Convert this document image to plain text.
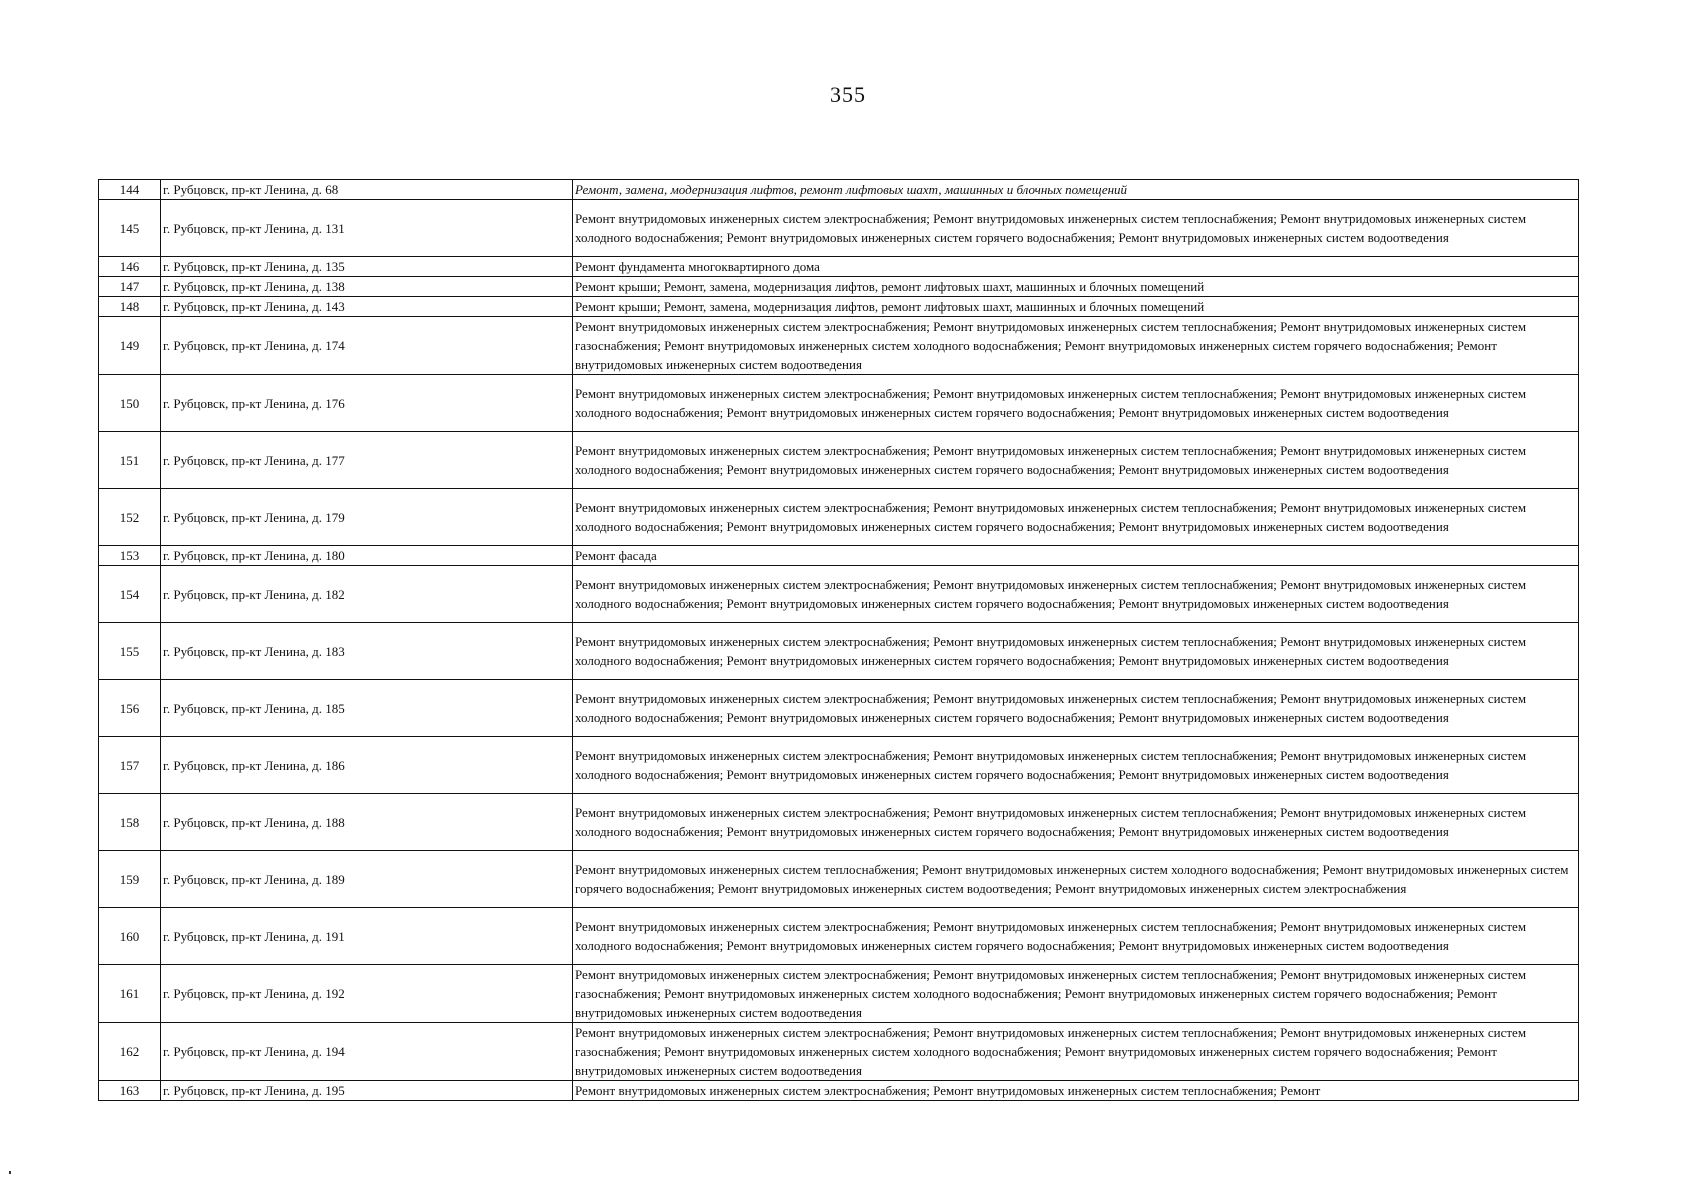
355
144	г. Рубцовск, пр-кт Ленина, д. 68	Ремонт, замена, модернизация лифтов, ремонт лифтовых шахт, машинных и блочных помещений
145	г. Рубцовск, пр-кт Ленина, д. 131	Ремонт внутридомовых инженерных систем электроснабжения; Ремонт внутридомовых инженерных систем теплоснабжения; Ремонт внутридомовых инженерных систем холодного водоснабжения; Ремонт внутридомовых инженерных систем горячего водоснабжения; Ремонт внутридомовых инженерных систем водоотведения
146	г. Рубцовск, пр-кт Ленина, д. 135	Ремонт фундамента многоквартирного дома
147	г. Рубцовск, пр-кт Ленина, д. 138	Ремонт крыши; Ремонт, замена, модернизация лифтов, ремонт лифтовых шахт, машинных и блочных помещений
148	г. Рубцовск, пр-кт Ленина, д. 143	Ремонт крыши; Ремонт, замена, модернизация лифтов, ремонт лифтовых шахт, машинных и блочных помещений
149	г. Рубцовск, пр-кт Ленина, д. 174	Ремонт внутридомовых инженерных систем электроснабжения; Ремонт внутридомовых инженерных систем теплоснабжения; Ремонт внутридомовых инженерных систем газоснабжения; Ремонт внутридомовых инженерных систем холодного водоснабжения; Ремонт внутридомовых инженерных систем горячего водоснабжения; Ремонт внутридомовых инженерных систем водоотведения
150	г. Рубцовск, пр-кт Ленина, д. 176	Ремонт внутридомовых инженерных систем электроснабжения; Ремонт внутридомовых инженерных систем теплоснабжения; Ремонт внутридомовых инженерных систем холодного водоснабжения; Ремонт внутридомовых инженерных систем горячего водоснабжения; Ремонт внутридомовых инженерных систем водоотведения
151	г. Рубцовск, пр-кт Ленина, д. 177	Ремонт внутридомовых инженерных систем электроснабжения; Ремонт внутридомовых инженерных систем теплоснабжения; Ремонт внутридомовых инженерных систем холодного водоснабжения; Ремонт внутридомовых инженерных систем горячего водоснабжения; Ремонт внутридомовых инженерных систем водоотведения
152	г. Рубцовск, пр-кт Ленина, д. 179	Ремонт внутридомовых инженерных систем электроснабжения; Ремонт внутридомовых инженерных систем теплоснабжения; Ремонт внутридомовых инженерных систем холодного водоснабжения; Ремонт внутридомовых инженерных систем горячего водоснабжения; Ремонт внутридомовых инженерных систем водоотведения
153	г. Рубцовск, пр-кт Ленина, д. 180	Ремонт фасада
154	г. Рубцовск, пр-кт Ленина, д. 182	Ремонт внутридомовых инженерных систем электроснабжения; Ремонт внутридомовых инженерных систем теплоснабжения; Ремонт внутридомовых инженерных систем холодного водоснабжения; Ремонт внутридомовых инженерных систем горячего водоснабжения; Ремонт внутридомовых инженерных систем водоотведения
155	г. Рубцовск, пр-кт Ленина, д. 183	Ремонт внутридомовых инженерных систем электроснабжения; Ремонт внутридомовых инженерных систем теплоснабжения; Ремонт внутридомовых инженерных систем холодного водоснабжения; Ремонт внутридомовых инженерных систем горячего водоснабжения; Ремонт внутридомовых инженерных систем водоотведения
156	г. Рубцовск, пр-кт Ленина, д. 185	Ремонт внутридомовых инженерных систем электроснабжения; Ремонт внутридомовых инженерных систем теплоснабжения; Ремонт внутридомовых инженерных систем холодного водоснабжения; Ремонт внутридомовых инженерных систем горячего водоснабжения; Ремонт внутридомовых инженерных систем водоотведения
157	г. Рубцовск, пр-кт Ленина, д. 186	Ремонт внутридомовых инженерных систем электроснабжения; Ремонт внутридомовых инженерных систем теплоснабжения; Ремонт внутридомовых инженерных систем холодного водоснабжения; Ремонт внутридомовых инженерных систем горячего водоснабжения; Ремонт внутридомовых инженерных систем водоотведения
158	г. Рубцовск, пр-кт Ленина, д. 188	Ремонт внутридомовых инженерных систем электроснабжения; Ремонт внутридомовых инженерных систем теплоснабжения; Ремонт внутридомовых инженерных систем холодного водоснабжения; Ремонт внутридомовых инженерных систем горячего водоснабжения; Ремонт внутридомовых инженерных систем водоотведения
159	г. Рубцовск, пр-кт Ленина, д. 189	Ремонт внутридомовых инженерных систем теплоснабжения; Ремонт внутридомовых инженерных систем холодного водоснабжения; Ремонт внутридомовых инженерных систем горячего водоснабжения; Ремонт внутридомовых инженерных систем водоотведения; Ремонт внутридомовых инженерных систем электроснабжения
160	г. Рубцовск, пр-кт Ленина, д. 191	Ремонт внутридомовых инженерных систем электроснабжения; Ремонт внутридомовых инженерных систем теплоснабжения; Ремонт внутридомовых инженерных систем холодного водоснабжения; Ремонт внутридомовых инженерных систем горячего водоснабжения; Ремонт внутридомовых инженерных систем водоотведения
161	г. Рубцовск, пр-кт Ленина, д. 192	Ремонт внутридомовых инженерных систем электроснабжения; Ремонт внутридомовых инженерных систем теплоснабжения; Ремонт внутридомовых инженерных систем газоснабжения; Ремонт внутридомовых инженерных систем холодного водоснабжения; Ремонт внутридомовых инженерных систем горячего водоснабжения; Ремонт внутридомовых инженерных систем водоотведения
162	г. Рубцовск, пр-кт Ленина, д. 194	Ремонт внутридомовых инженерных систем электроснабжения; Ремонт внутридомовых инженерных систем теплоснабжения; Ремонт внутридомовых инженерных систем газоснабжения; Ремонт внутридомовых инженерных систем холодного водоснабжения; Ремонт внутридомовых инженерных систем горячего водоснабжения; Ремонт внутридомовых инженерных систем водоотведения
163	г. Рубцовск, пр-кт Ленина, д. 195	Ремонт внутридомовых инженерных систем электроснабжения; Ремонт внутридомовых инженерных систем теплоснабжения; Ремонт
